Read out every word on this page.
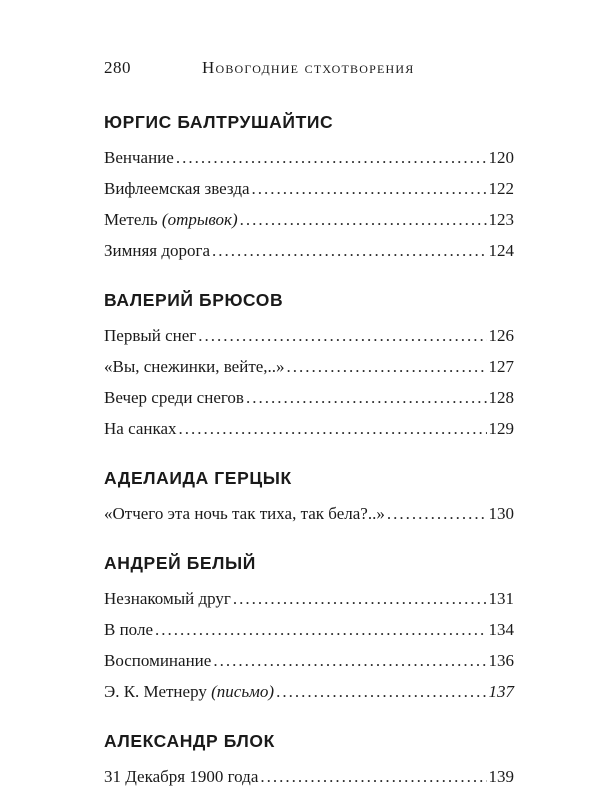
280	Новогодние стхотворения
ЮРГИС БАЛТРУШАЙТИС
Венчание .....	120
Вифлеемская звезда .....	122
Метель (отрывок) .....	123
Зимняя дорога .....	124
ВАЛЕРИЙ БРЮСОВ
Первый снег .....	126
«Вы, снежинки, вейте,..» .....	127
Вечер среди снегов .....	128
На санках .....	129
АДЕЛАИДА ГЕРЦЫК
«Отчего эта ночь так тиха, так бела?..» .....	130
АНДРЕЙ БЕЛЫЙ
Незнакомый друг .....	131
В поле .....	134
Воспоминание .....	136
Э. К. Метнеру (письмо) .....	137
АЛЕКСАНДР БЛОК
31 Декабря 1900 года .....	139
